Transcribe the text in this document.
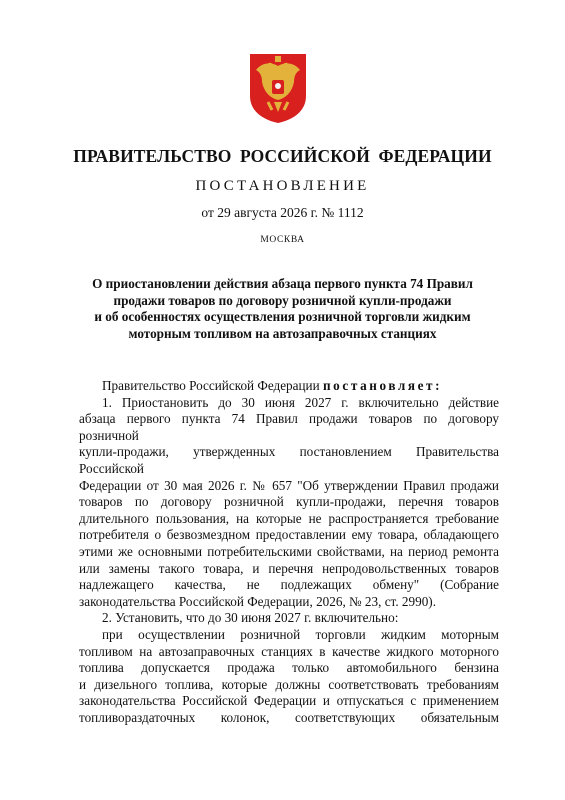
ПРАВИТЕЛЬСТВО РОССИЙСКОЙ ФЕДЕРАЦИИ
ПОСТАНОВЛЕНИЕ
от 29 августа 2026 г. № 1112
МОСКВА
О приостановлении действия абзаца первого пункта 74 Правил
продажи товаров по договору розничной купли-продажи
и об особенностях осуществления розничной торговли жидким
моторным топливом на автозаправочных станциях

Правительство Российской Федерации постановляет:

1. Приостановить до 30 июня 2027 г. включительно действие

абзаца первого пункта 74 Правил продажи товаров по договору розничной

купли-продажи, утвержденных постановлением Правительства Российской

Федерации от 30 мая 2026 г. № 657 "Об утверждении Правил продажи

товаров по договору розничной купли-продажи, перечня товаров

длительного пользования, на которые не распространяется требование

потребителя о безвозмездном предоставлении ему товара, обладающего

этими же основными потребительскими свойствами, на период ремонта

или замены такого товара, и перечня непродовольственных товаров

надлежащего качества, не подлежащих обмену" (Собрание

законодательства Российской Федерации, 2026, № 23, ст. 2990).

2. Установить, что до 30 июня 2027 г. включительно:

при осуществлении розничной торговли жидким моторным

топливом на автозаправочных станциях в качестве жидкого моторного

топлива допускается продажа только автомобильного бензина

и дизельного топлива, которые должны соответствовать требованиям

законодательства Российской Федерации и отпускаться с применением

топливораздаточных колонок, соответствующих обязательным
